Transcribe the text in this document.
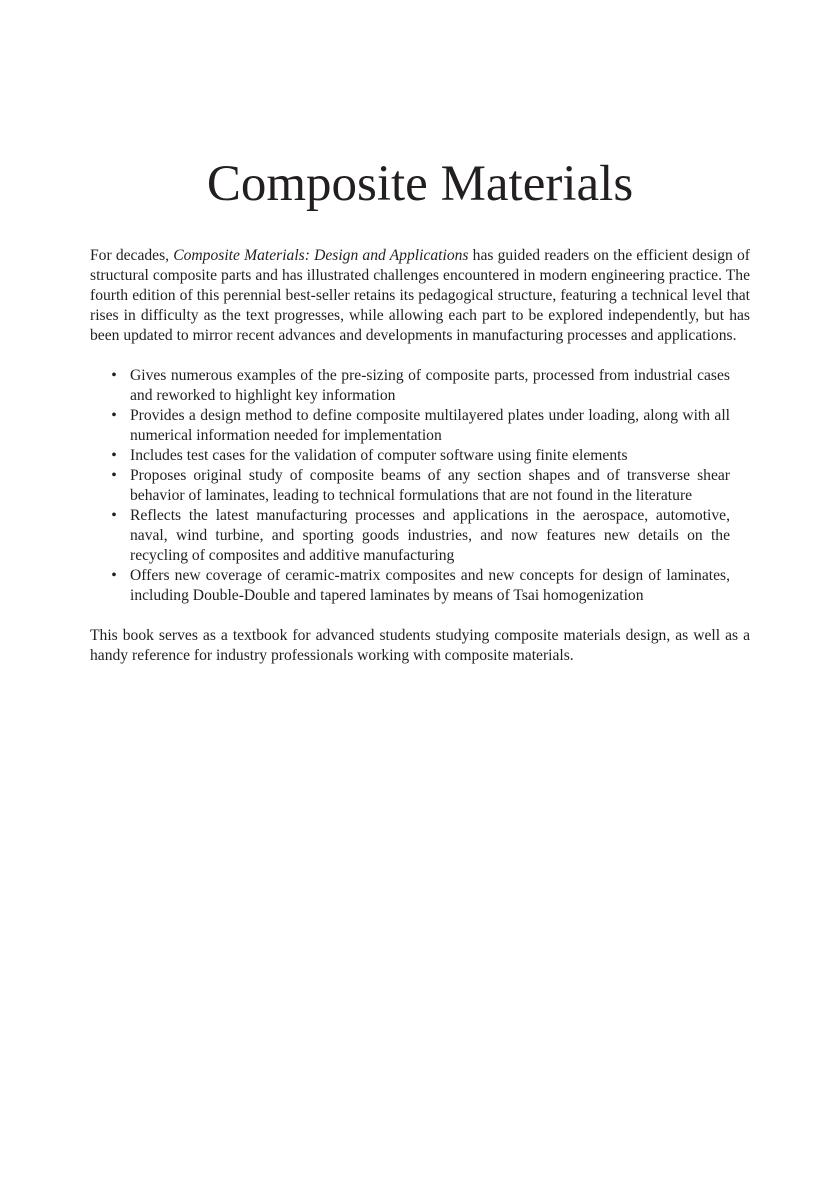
Composite Materials

For decades, Composite Materials: Design and Applications has guided readers on the efficient design of structural composite parts and has illustrated challenges encountered in modern engineering practice. The fourth edition of this perennial best-seller retains its pedagogical structure, featuring a technical level that rises in difficulty as the text progresses, while allowing each part to be explored independently, but has been updated to mirror recent advances and developments in manufacturing processes and applications.

• Gives numerous examples of the pre-sizing of composite parts, processed from industrial cases and reworked to highlight key information
• Provides a design method to define composite multilayered plates under loading, along with all numerical information needed for implementation
• Includes test cases for the validation of computer software using finite elements
• Proposes original study of composite beams of any section shapes and of transverse shear behavior of laminates, leading to technical formulations that are not found in the literature
• Reflects the latest manufacturing processes and applications in the aerospace, automotive, naval, wind turbine, and sporting goods industries, and now features new details on the recycling of composites and additive manufacturing
• Offers new coverage of ceramic-matrix composites and new concepts for design of laminates, including Double-Double and tapered laminates by means of Tsai homogenization

This book serves as a textbook for advanced students studying composite materials design, as well as a handy reference for industry professionals working with composite materials.
